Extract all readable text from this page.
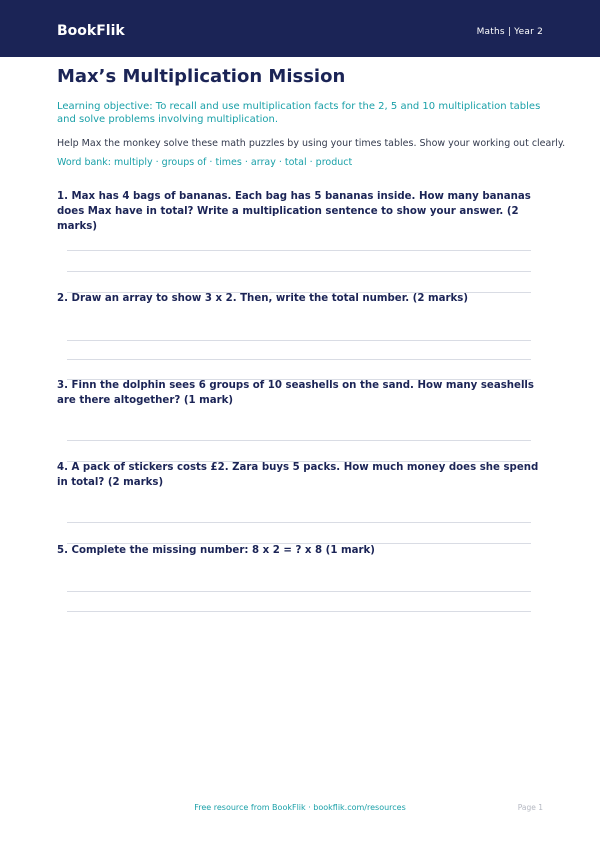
BookFlik	Maths | Year 2
Max’s Multiplication Mission
Learning objective: To recall and use multiplication facts for the 2, 5 and 10 multiplication tables and solve problems involving multiplication.
Help Max the monkey solve these math puzzles by using your times tables. Show your working out clearly.
Word bank: multiply · groups of · times · array · total · product
1. Max has 4 bags of bananas. Each bag has 5 bananas inside. How many bananas does Max have in total? Write a multiplication sentence to show your answer. (2 marks)
2. Draw an array to show 3 x 2. Then, write the total number. (2 marks)
3. Finn the dolphin sees 6 groups of 10 seashells on the sand. How many seashells are there altogether? (1 mark)
4. A pack of stickers costs £2. Zara buys 5 packs. How much money does she spend in total? (2 marks)
5. Complete the missing number: 8 x 2 = ? x 8 (1 mark)
Free resource from BookFlik · bookflik.com/resources	Page 1
